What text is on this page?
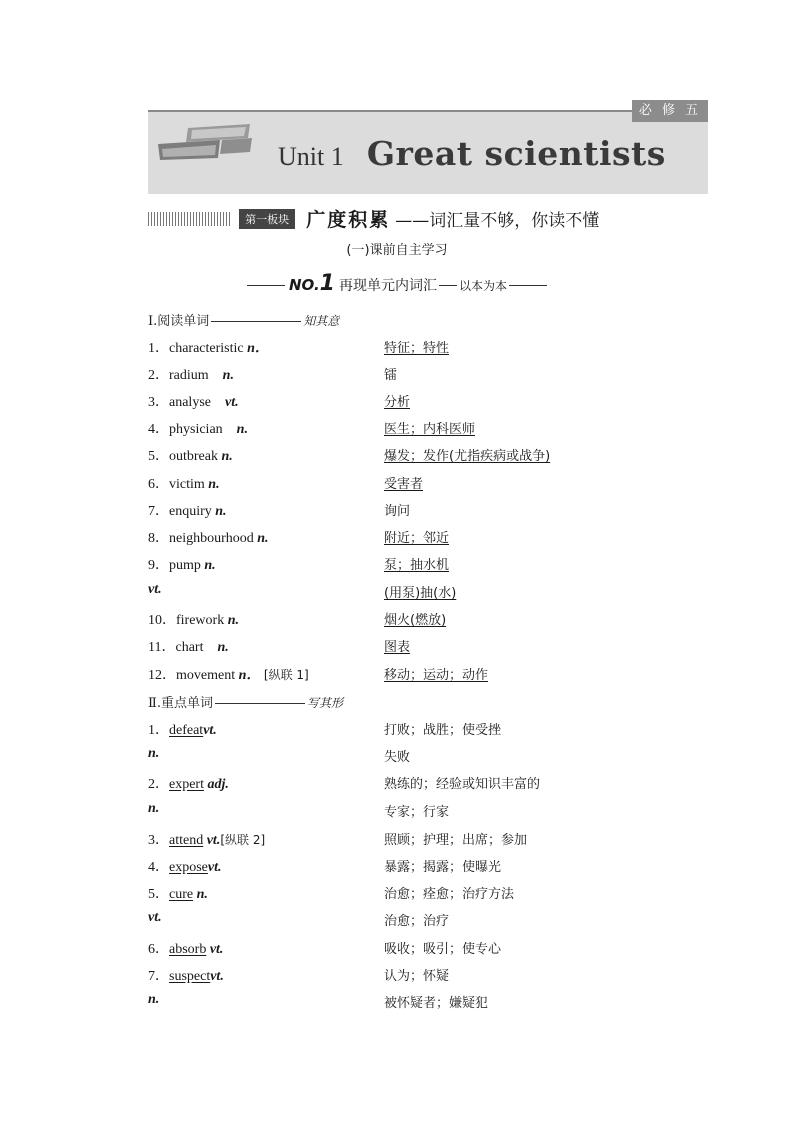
必 修 五
Unit 1 Great scientists
第一板块 广度积累 ——词汇量不够，你读不懂
(一)课前自主学习
NO.1 再现单元内词汇 以本为本
Ⅰ.阅读单词	知其意
1．characteristic n．	特征；特性
2．radium n.	镭
3．analyse vt.	分析
4．physician n.	医生；内科医师
5．outbreak n.	爆发；发作(尤指疾病或战争)
6．victim n.	受害者
7．enquiry n.	询问
8．neighbourhood n.	附近；邻近
9．pump n.	泵；抽水机
vt.	(用泵)抽(水)
10．firework n.	烟火(燃放)
11．chart n.	图表
12．movement n． [纵联 1]	移动；运动；动作
Ⅱ.重点单词	写其形
1．defeatvt.	打败；战胜；使受挫
n.	失败
2．expert adj.	熟练的；经验或知识丰富的
n.	专家；行家
3．attend vt.[纵联 2]	照顾；护理；出席；参加
4．exposevt.	暴露；揭露；使曝光
5．cure n.	治愈；痊愈；治疗方法
vt.	治愈；治疗
6．absorb vt.	吸收；吸引；使专心
7．suspectvt.	认为；怀疑
n.	被怀疑者；嫌疑犯
